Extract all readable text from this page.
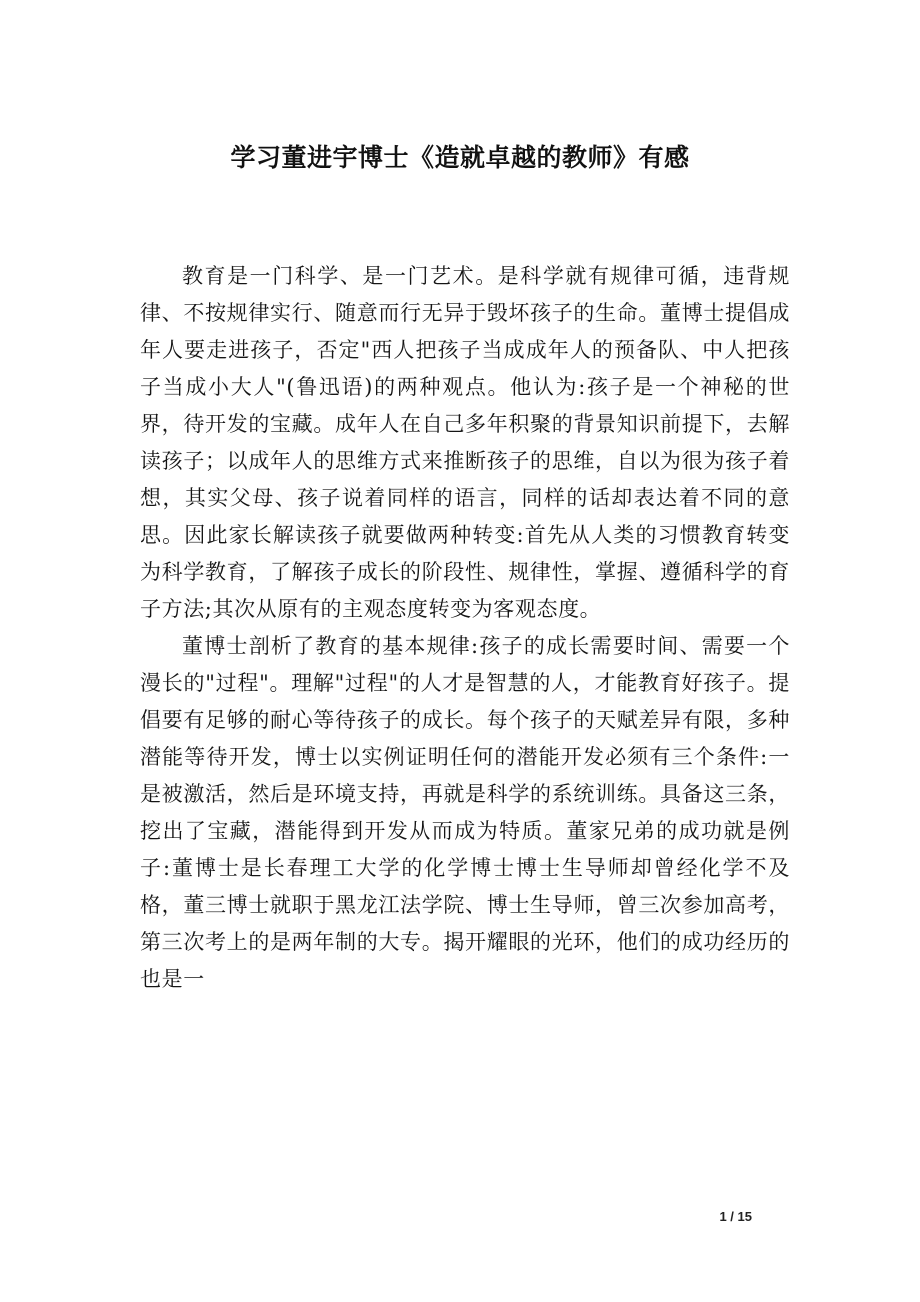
学习董进宇博士《造就卓越的教师》有感

教育是一门科学、是一门艺术。是科学就有规律可循，违背规律、不按规律实行、随意而行无异于毁坏孩子的生命。董博士提倡成年人要走进孩子，否定"西人把孩子当成成年人的预备队、中人把孩子当成小大人"(鲁迅语)的两种观点。他认为:孩子是一个神秘的世界，待开发的宝藏。成年人在自己多年积聚的背景知识前提下，去解读孩子；以成年人的思维方式来推断孩子的思维，自以为很为孩子着想，其实父母、孩子说着同样的语言，同样的话却表达着不同的意思。因此家长解读孩子就要做两种转变:首先从人类的习惯教育转变为科学教育，了解孩子成长的阶段性、规律性，掌握、遵循科学的育子方法;其次从原有的主观态度转变为客观态度。

董博士剖析了教育的基本规律:孩子的成长需要时间、需要一个漫长的"过程"。理解"过程"的人才是智慧的人，才能教育好孩子。提倡要有足够的耐心等待孩子的成长。每个孩子的天赋差异有限，多种潜能等待开发，博士以实例证明任何的潜能开发必须有三个条件:一是被激活，然后是环境支持，再就是科学的系统训练。具备这三条，挖出了宝藏，潜能得到开发从而成为特质。董家兄弟的成功就是例子:董博士是长春理工大学的化学博士博士生导师却曾经化学不及格，董三博士就职于黑龙江法学院、博士生导师，曾三次参加高考，第三次考上的是两年制的大专。揭开耀眼的光环，他们的成功经历的也是一

1 / 15
